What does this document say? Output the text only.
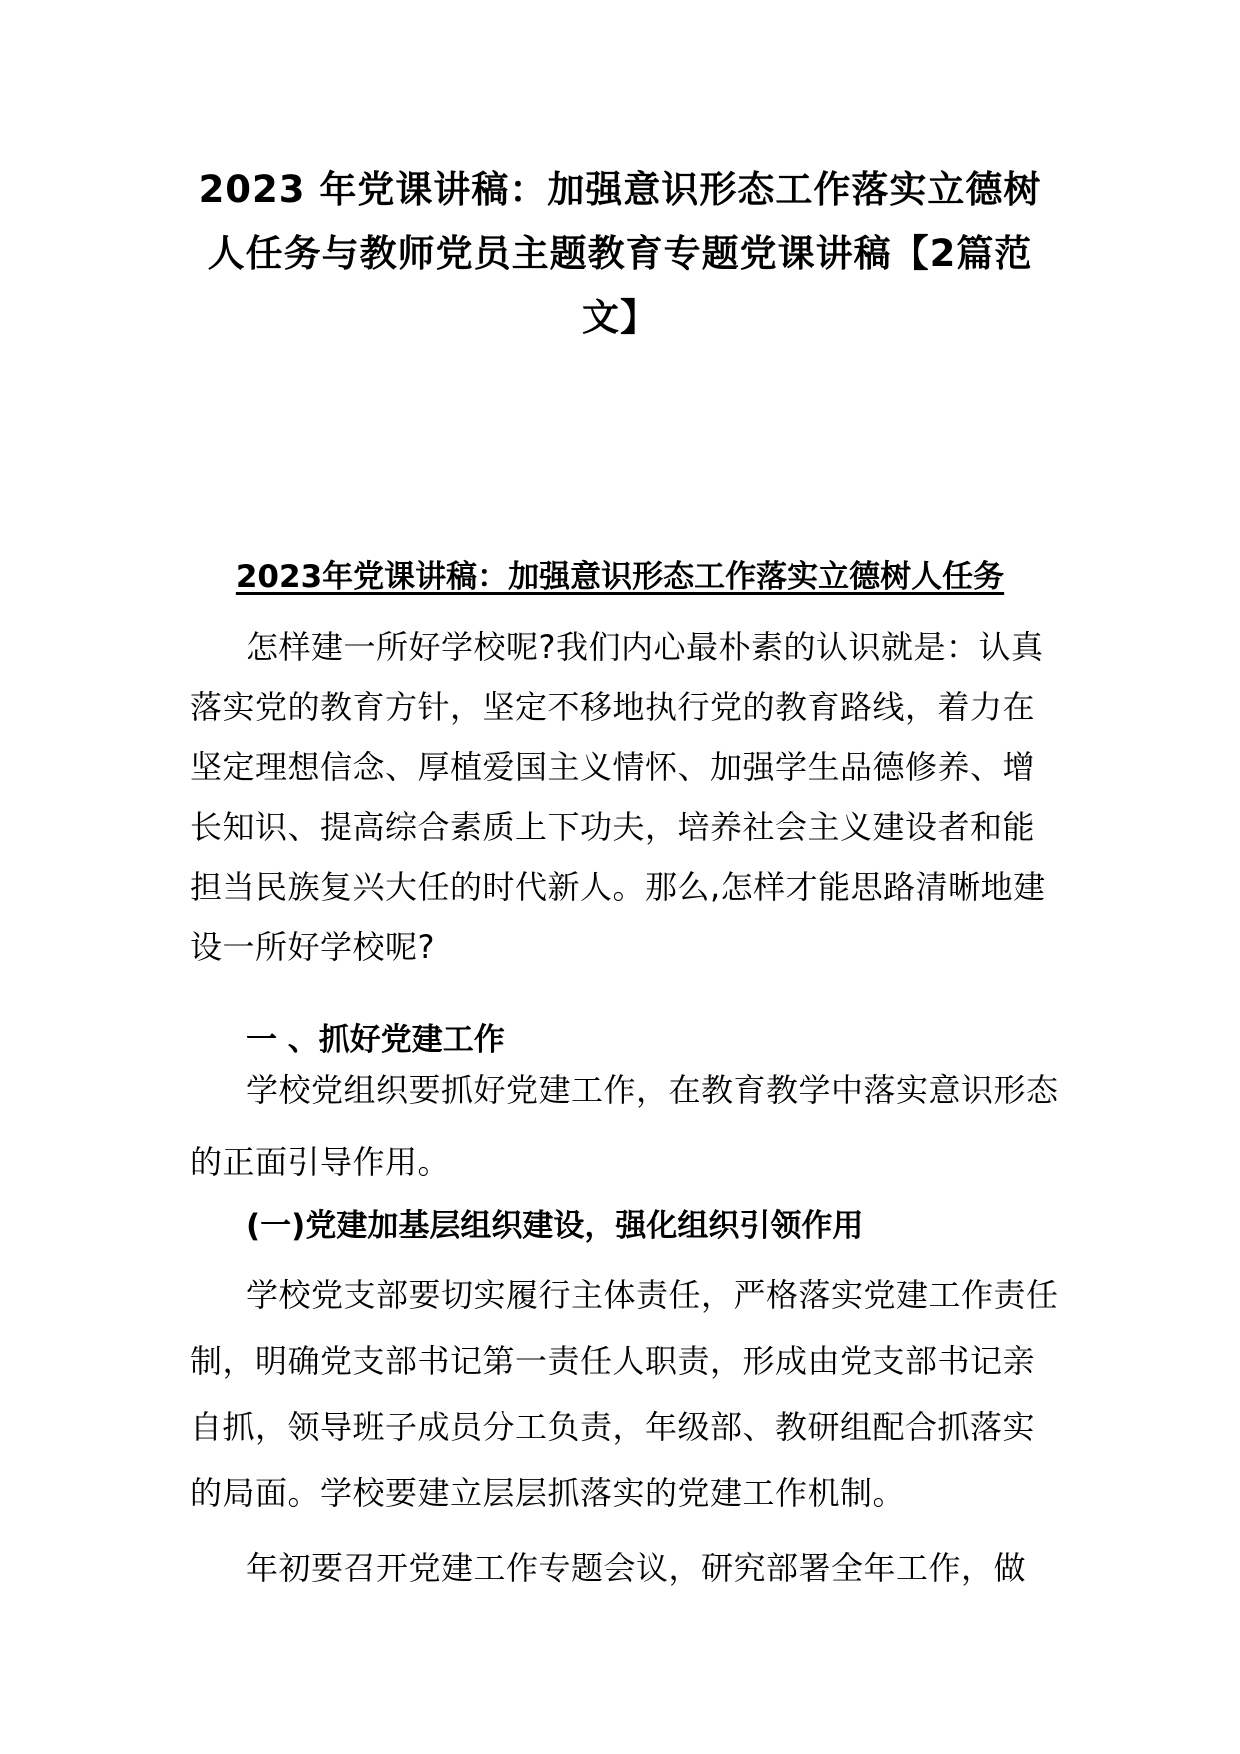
2023 年党课讲稿：加强意识形态工作落实立德树人任务与教师党员主题教育专题党课讲稿【2篇范文】
2023年党课讲稿：加强意识形态工作落实立德树人任务

怎样建一所好学校呢?我们内心最朴素的认识就是：认真落实党的教育方针，坚定不移地执行党的教育路线，着力在坚定理想信念、厚植爱国主义情怀、加强学生品德修养、增长知识、提高综合素质上下功夫，培养社会主义建设者和能担当民族复兴大任的时代新人。那么,怎样才能思路清晰地建设一所好学校呢?

一 、抓好党建工作

学校党组织要抓好党建工作，在教育教学中落实意识形态的正面引导作用。

(一)党建加基层组织建设，强化组织引领作用

学校党支部要切实履行主体责任，严格落实党建工作责任制，明确党支部书记第一责任人职责，形成由党支部书记亲自抓，领导班子成员分工负责，年级部、教研组配合抓落实的局面。学校要建立层层抓落实的党建工作机制。

年初要召开党建工作专题会议，研究部署全年工作，做
